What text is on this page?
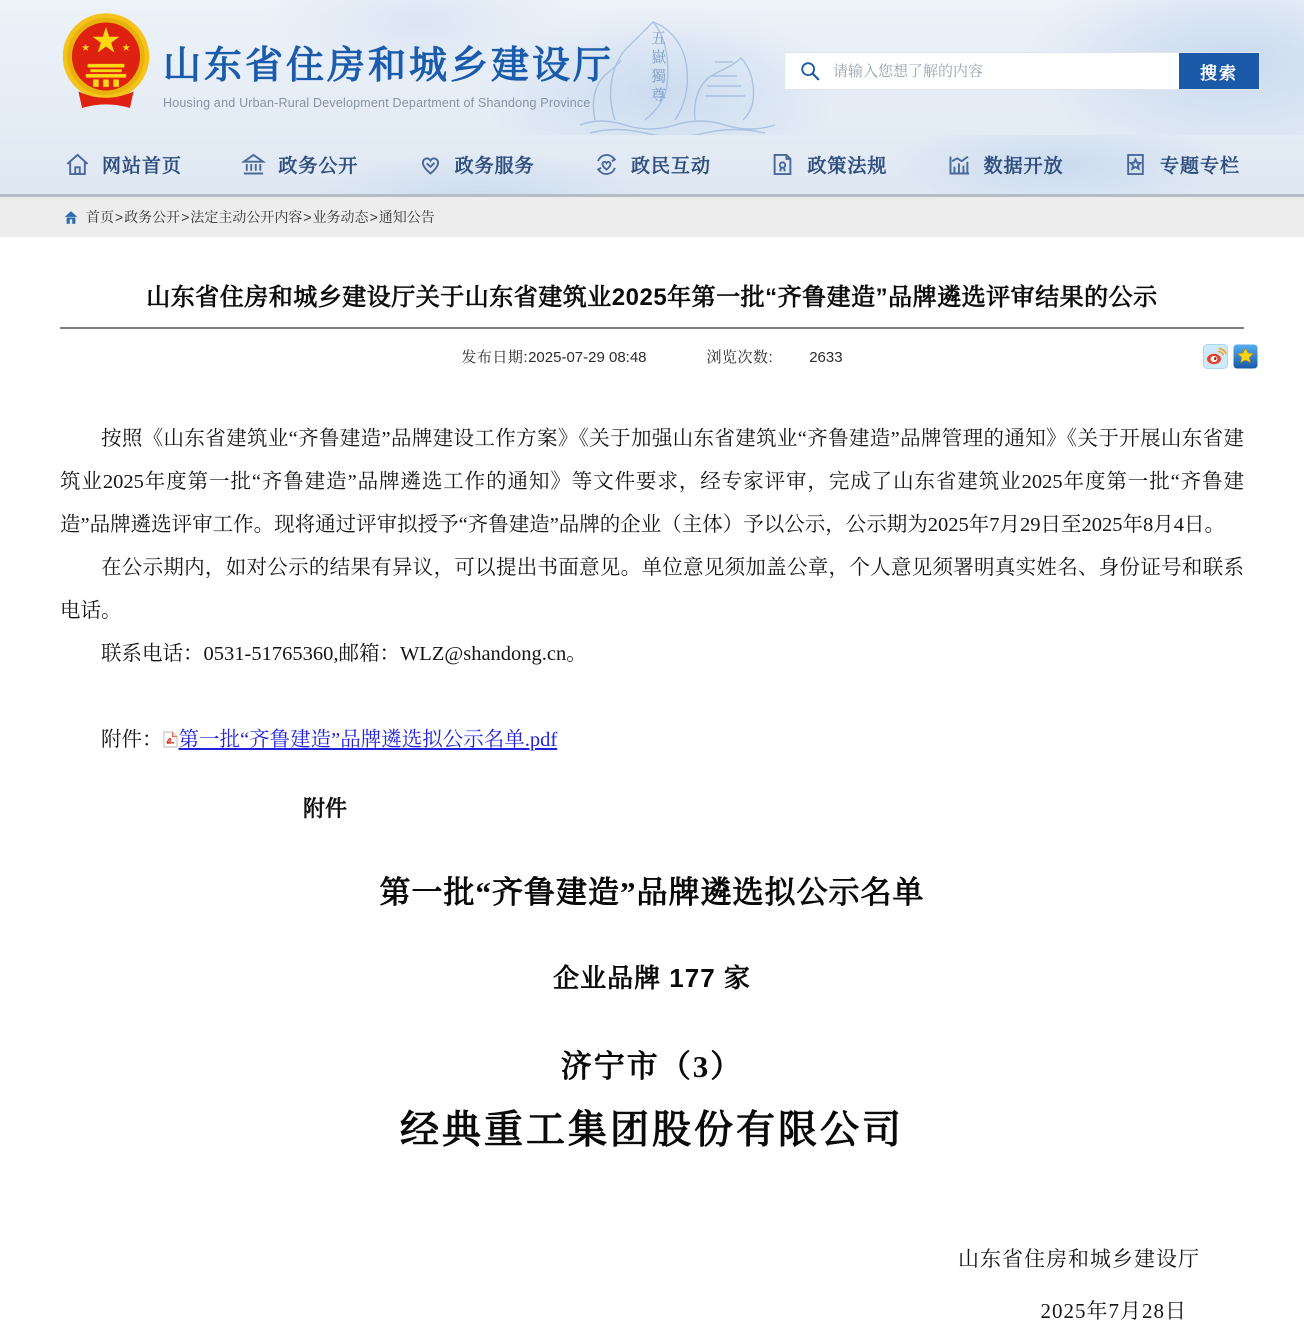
山东省住房和城乡建设厅
Housing and Urban-Rural Development Department of Shandong Province	五嶽獨尊
请输入您想了解的内容	搜索
网站首页	政务公开	政务服务	政民互动	政策法规	数据开放	专题专栏
首页 > 政务公开 > 法定主动公开内容 > 业务动态 > 通知公告
山东省住房和城乡建设厅关于山东省建筑业2025年第一批“齐鲁建造”品牌遴选评审结果的公示
发布日期:2025-07-29 08:48	浏览次数: 2633

按照《山东省建筑业“齐鲁建造”品牌建设工作方案》《关于加强山东省建筑业“齐鲁建造”品牌管理的通知》《关于开展山东省建筑业2025年度第一批“齐鲁建造”品牌遴选工作的通知》等文件要求，经专家评审，完成了山东省建筑业2025年度第一批“齐鲁建造”品牌遴选评审工作。现将通过评审拟授予“齐鲁建造”品牌的企业（主体）予以公示，公示期为2025年7月29日至2025年8月4日。

在公示期内，如对公示的结果有异议，可以提出书面意见。单位意见须加盖公章，个人意见须署明真实姓名、身份证号和联系电话。

联系电话：0531-51765360,邮箱：WLZ@shandong.cn。

附件： 第一批“齐鲁建造”品牌遴选拟公示名单.pdf
附件
第一批“齐鲁建造”品牌遴选拟公示名单
企业品牌 177 家
济宁市（3）
经典重工集团股份有限公司
山东省住房和城乡建设厅
2025年7月28日
